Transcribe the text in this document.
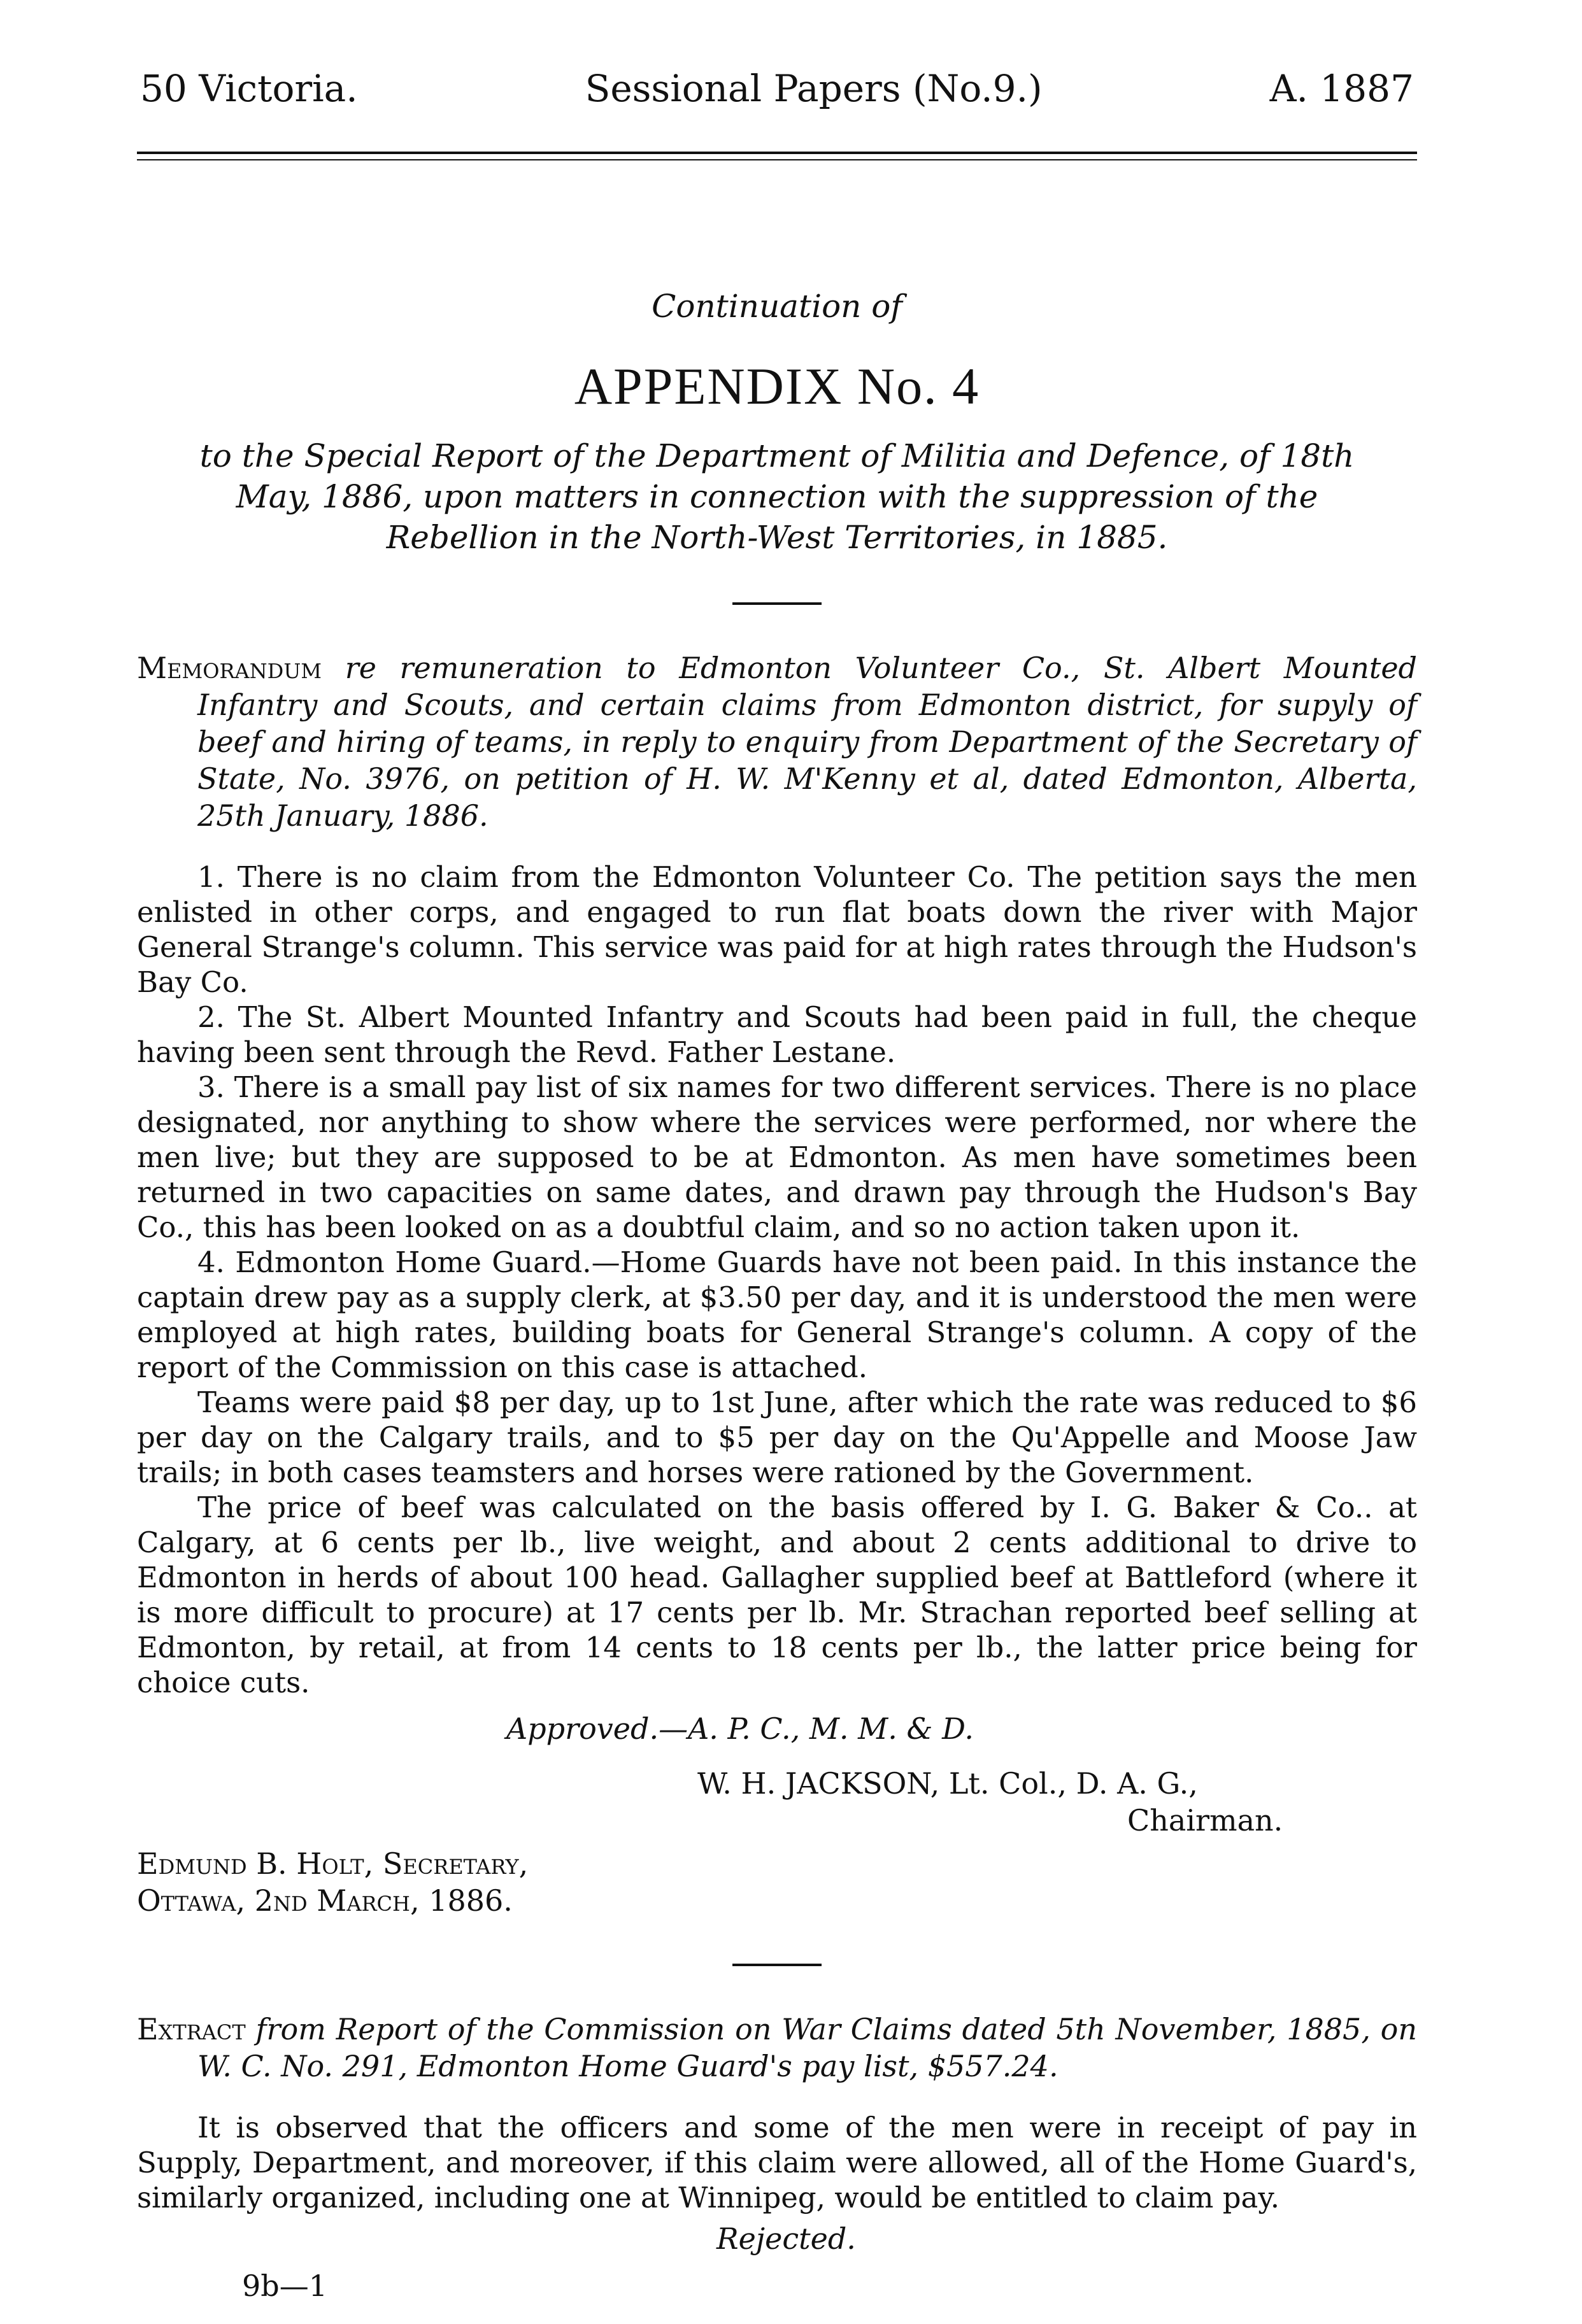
50 Victoria.	Sessional Papers (No.9.)	A. 1887
Continuation of
APPENDIX No. 4
to the Special Report of the Department of Militia and Defence, of 18th May, 1886, upon matters in connection with the suppression of the Rebellion in the North-West Territories, in 1885.
Memorandum re remuneration to Edmonton Volunteer Co., St. Albert Mounted Infantry and Scouts, and certain claims from Edmonton district, for supyly of beef and hiring of teams, in reply to enquiry from Department of the Secretary of State, No. 3976, on petition of H. W. M'Kenny et al, dated Edmonton, Alberta, 25th January, 1886.

1. There is no claim from the Edmonton Volunteer Co. The petition says the men enlisted in other corps, and engaged to run flat boats down the river with Major General Strange's column. This service was paid for at high rates through the Hudson's Bay Co.

2. The St. Albert Mounted Infantry and Scouts had been paid in full, the cheque having been sent through the Revd. Father Lestane.

3. There is a small pay list of six names for two different services. There is no place designated, nor anything to show where the services were performed, nor where the men live; but they are supposed to be at Edmonton. As men have sometimes been returned in two capacities on same dates, and drawn pay through the Hudson's Bay Co., this has been looked on as a doubtful claim, and so no action taken upon it.

4. Edmonton Home Guard.—Home Guards have not been paid. In this instance the captain drew pay as a supply clerk, at $3.50 per day, and it is understood the men were employed at high rates, building boats for General Strange's column. A copy of the report of the Commission on this case is attached.

Teams were paid $8 per day, up to 1st June, after which the rate was reduced to $6 per day on the Calgary trails, and to $5 per day on the Qu'Appelle and Moose Jaw trails; in both cases teamsters and horses were rationed by the Government.

The price of beef was calculated on the basis offered by I. G. Baker & Co.. at Calgary, at 6 cents per lb., live weight, and about 2 cents additional to drive to Edmonton in herds of about 100 head. Gallagher supplied beef at Battleford (where it is more difficult to procure) at 17 cents per lb. Mr. Strachan reported beef selling at Edmonton, by retail, at from 14 cents to 18 cents per lb., the latter price being for choice cuts.

Approved.—A. P. C., M. M. & D.
W. H. JACKSON, Lt. Col., D. A. G.,
Chairman.
Edmund B. Holt, Secretary,
Ottawa, 2nd March, 1886.
Extract from Report of the Commission on War Claims dated 5th November, 1885, on W. C. No. 291, Edmonton Home Guard's pay list, $557.24.

It is observed that the officers and some of the men were in receipt of pay in Supply, Department, and moreover, if this claim were allowed, all of the Home Guard's, similarly organized, including one at Winnipeg, would be entitled to claim pay.

Rejected.
9b—1
